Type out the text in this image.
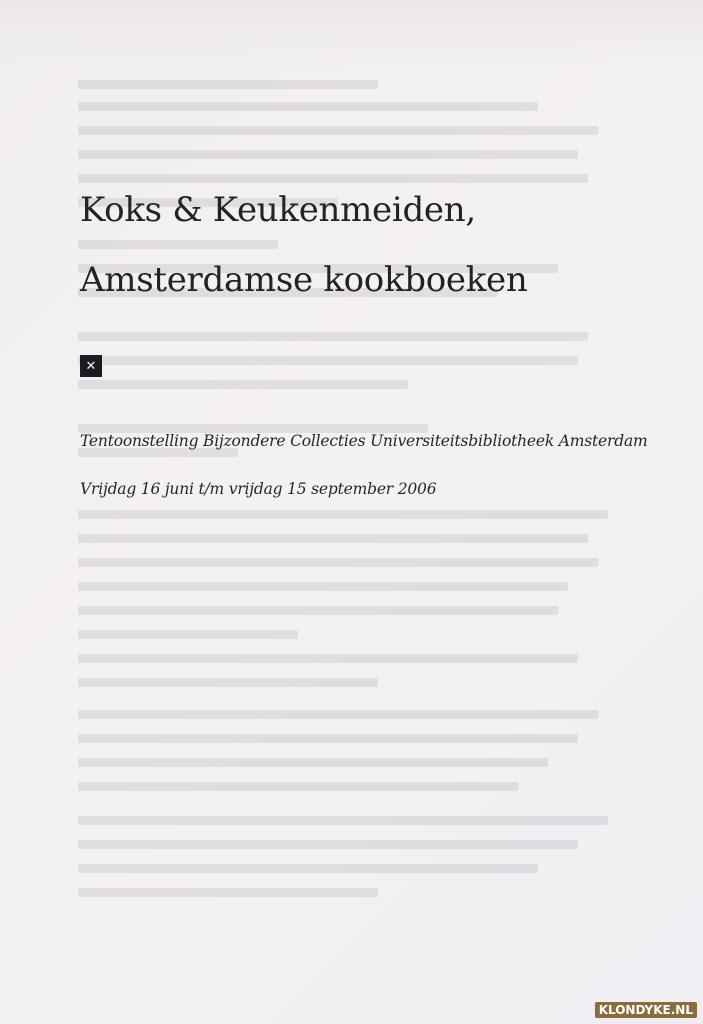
Koks & Keukenmeiden,
Amsterdamse kookboeken
✕

Tentoonstelling Bijzondere Collecties Universiteitsbibliotheek Amsterdam

Vrijdag 16 juni t/m vrijdag 15 september 2006

KLONDYKE.NL
